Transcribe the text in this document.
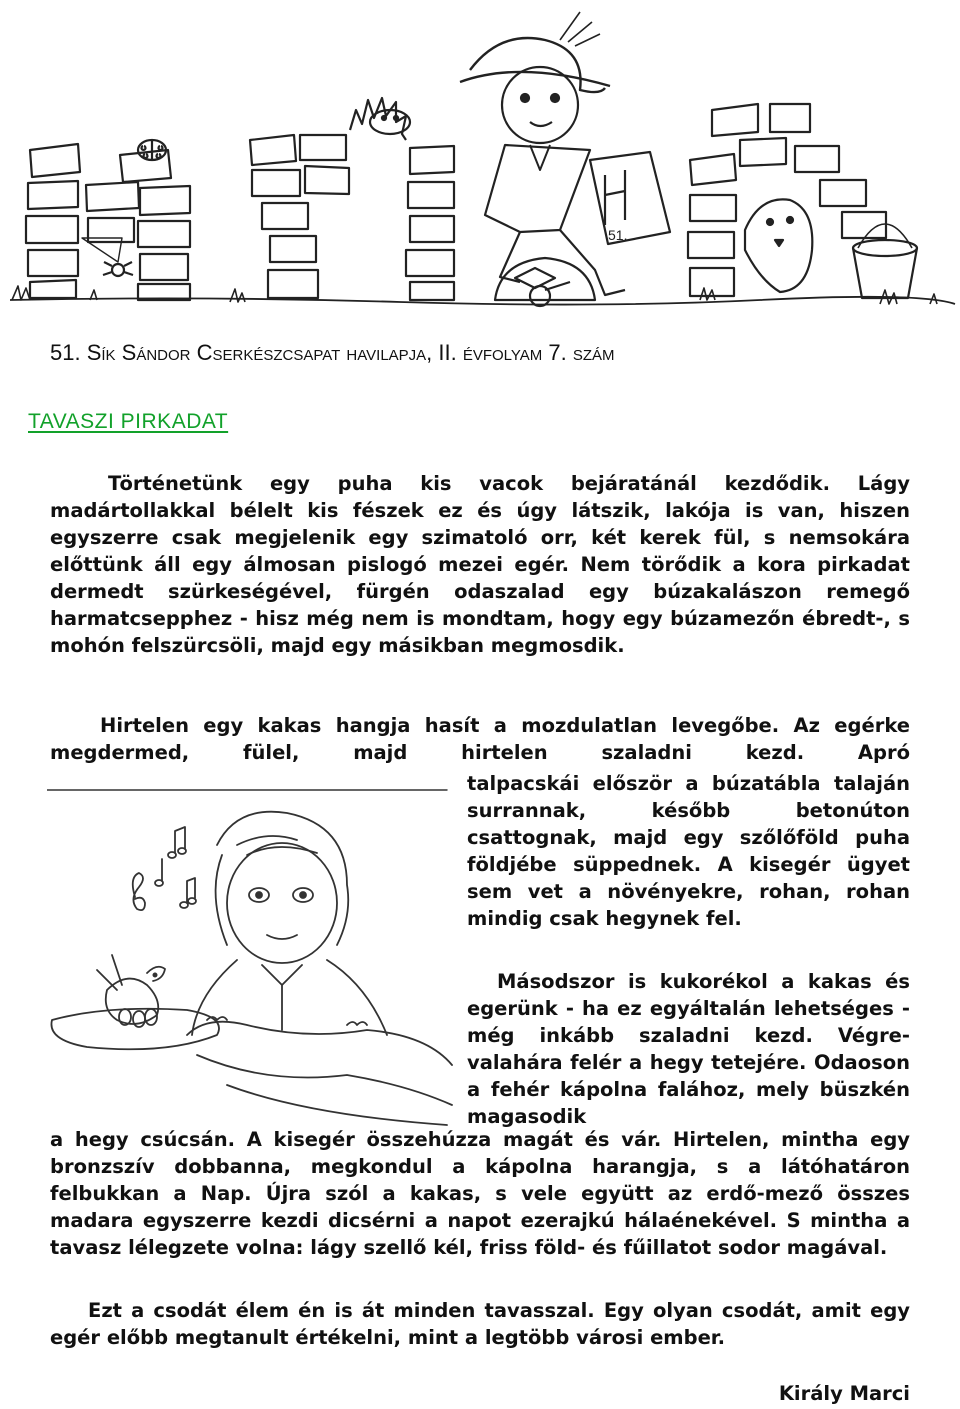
51.
51. Sík Sándor Cserkészcsapat havilapja, II. évfolyam 7. szám
TAVASZI PIRKADAT

Történetünk egy puha kis vacok bejáratánál kezdődik. Lágy madártollakkal bélelt kis fészek ez és úgy látszik, lakója is van, hiszen egyszerre csak megjelenik egy szimatoló orr, két kerek fül, s nemsokára előttünk áll egy álmosan pislogó mezei egér. Nem törődik a kora pirkadat dermedt szürkeségével, fürgén odaszalad egy búzakalászon remegő harmatcsepphez - hisz még nem is mondtam, hogy egy búzamezőn ébredt-, s mohón felszürcsöli, majd egy másikban megmosdik.

Hirtelen egy kakas hangja hasít a mozdulatlan levegőbe. Az egérke megdermed, fülel, majd hirtelen szaladni kezd. Apró

talpacskái először a búzatábla talaján surrannak, később betonúton csattognak, majd egy szőlőföld puha földjébe süppednek. A kisegér ügyet sem vet a növényekre, rohan, rohan mindig csak hegynek fel.

Másodszor is kukorékol a kakas és egerünk - ha ez egyáltalán lehetséges - még inkább szaladni kezd. Végre-valahára felér a hegy tetejére. Odaoson a fehér kápolna falához, mely büszkén magasodik

a hegy csúcsán. A kisegér összehúzza magát és vár. Hirtelen, mintha egy bronzszív dobbanna, megkondul a kápolna harangja, s a látóhatáron felbukkan a Nap. Újra szól a kakas, s vele együtt az erdő-mező összes madara egyszerre kezdi dicsérni a napot ezerajkú hálaénekével. S mintha a tavasz lélegzete volna: lágy szellő kél, friss föld- és fűillatot sodor magával.

Ezt a csodát élem én is át minden tavasszal. Egy olyan csodát, amit egy egér előbb megtanult értékelni, mint a legtöbb városi ember.

Király Marci
